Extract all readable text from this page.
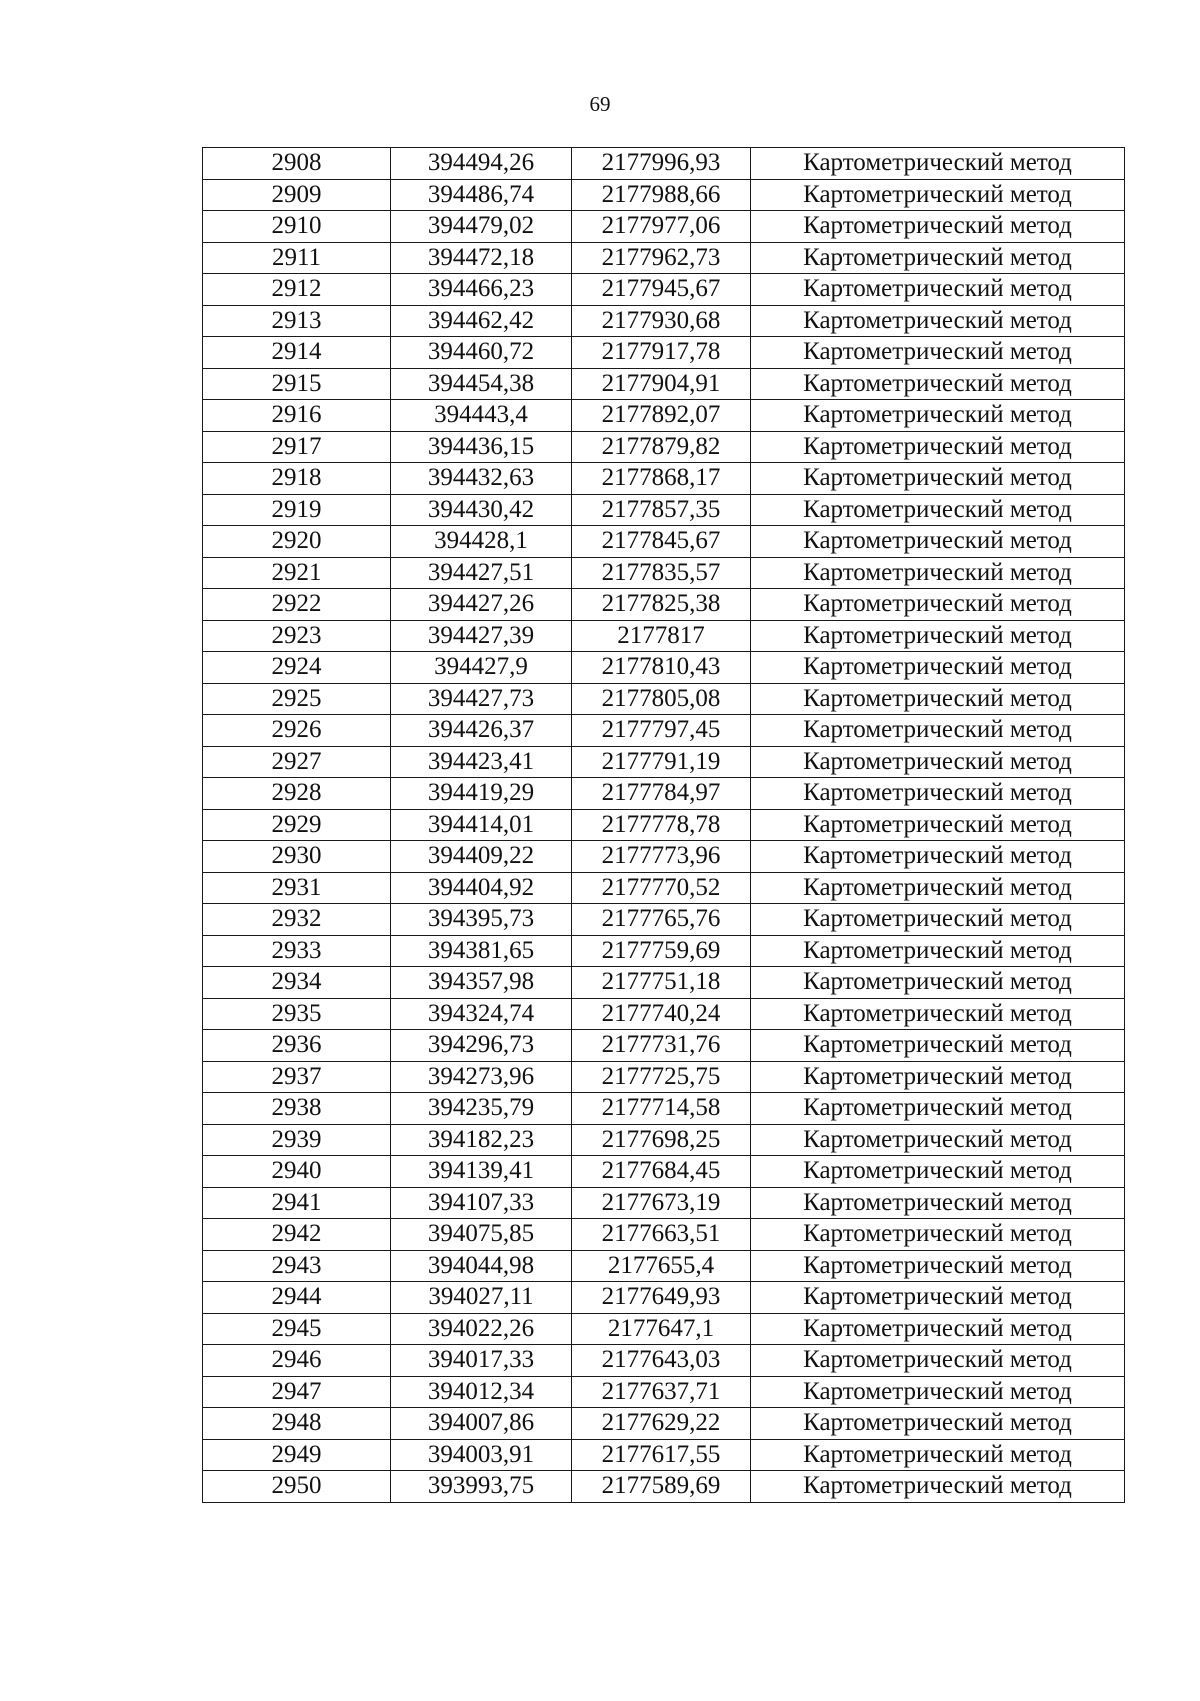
69
2908	394494,26	2177996,93	Картометрический метод
2909	394486,74	2177988,66	Картометрический метод
2910	394479,02	2177977,06	Картометрический метод
2911	394472,18	2177962,73	Картометрический метод
2912	394466,23	2177945,67	Картометрический метод
2913	394462,42	2177930,68	Картометрический метод
2914	394460,72	2177917,78	Картометрический метод
2915	394454,38	2177904,91	Картометрический метод
2916	394443,4	2177892,07	Картометрический метод
2917	394436,15	2177879,82	Картометрический метод
2918	394432,63	2177868,17	Картометрический метод
2919	394430,42	2177857,35	Картометрический метод
2920	394428,1	2177845,67	Картометрический метод
2921	394427,51	2177835,57	Картометрический метод
2922	394427,26	2177825,38	Картометрический метод
2923	394427,39	2177817	Картометрический метод
2924	394427,9	2177810,43	Картометрический метод
2925	394427,73	2177805,08	Картометрический метод
2926	394426,37	2177797,45	Картометрический метод
2927	394423,41	2177791,19	Картометрический метод
2928	394419,29	2177784,97	Картометрический метод
2929	394414,01	2177778,78	Картометрический метод
2930	394409,22	2177773,96	Картометрический метод
2931	394404,92	2177770,52	Картометрический метод
2932	394395,73	2177765,76	Картометрический метод
2933	394381,65	2177759,69	Картометрический метод
2934	394357,98	2177751,18	Картометрический метод
2935	394324,74	2177740,24	Картометрический метод
2936	394296,73	2177731,76	Картометрический метод
2937	394273,96	2177725,75	Картометрический метод
2938	394235,79	2177714,58	Картометрический метод
2939	394182,23	2177698,25	Картометрический метод
2940	394139,41	2177684,45	Картометрический метод
2941	394107,33	2177673,19	Картометрический метод
2942	394075,85	2177663,51	Картометрический метод
2943	394044,98	2177655,4	Картометрический метод
2944	394027,11	2177649,93	Картометрический метод
2945	394022,26	2177647,1	Картометрический метод
2946	394017,33	2177643,03	Картометрический метод
2947	394012,34	2177637,71	Картометрический метод
2948	394007,86	2177629,22	Картометрический метод
2949	394003,91	2177617,55	Картометрический метод
2950	393993,75	2177589,69	Картометрический метод
